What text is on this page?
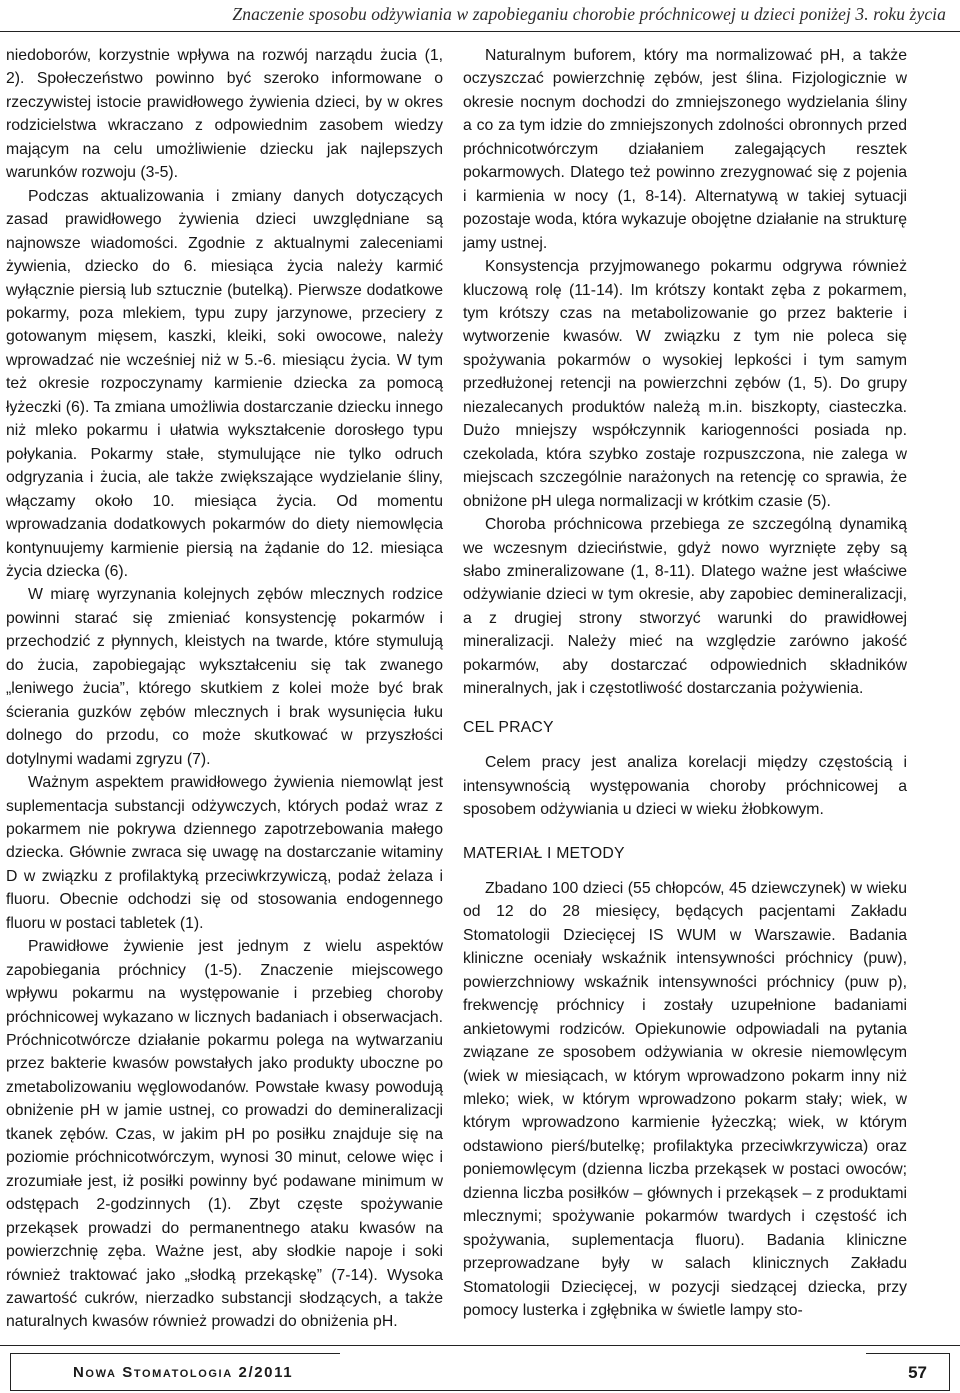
Znaczenie sposobu odżywiania w zapobieganiu chorobie próchnicowej u dzieci poniżej 3. roku życia

niedoborów, korzystnie wpływa na rozwój narządu żucia (1, 2). Społeczeństwo powinno być szeroko informowane o rzeczywistej istocie prawidłowego żywienia dzieci, by w okres rodzicielstwa wkraczano z odpowiednim zasobem wiedzy mającym na celu umożliwienie dziecku jak najlepszych warunków rozwoju (3-5).

Podczas aktualizowania i zmiany danych dotyczących zasad prawidłowego żywienia dzieci uwzględniane są najnowsze wiadomości. Zgodnie z aktualnymi zaleceniami żywienia, dziecko do 6. miesiąca życia należy karmić wyłącznie piersią lub sztucznie (butelką). Pierwsze dodatkowe pokarmy, poza mlekiem, typu zupy jarzynowe, przeciery z gotowanym mięsem, kaszki, kleiki, soki owocowe, należy wprowadzać nie wcześniej niż w 5.-6. miesiącu życia. W tym też okresie rozpoczynamy karmienie dziecka za pomocą łyżeczki (6). Ta zmiana umożliwia dostarczanie dziecku innego niż mleko pokarmu i ułatwia wykształcenie dorosłego typu połykania. Pokarmy stałe, stymulujące nie tylko odruch odgryzania i żucia, ale także zwiększające wydzielanie śliny, włączamy około 10. miesiąca życia. Od momentu wprowadzania dodatkowych pokarmów do diety niemowlęcia kontynuujemy karmienie piersią na żądanie do 12. miesiąca życia dziecka (6).

W miarę wyrzynania kolejnych zębów mlecznych rodzice powinni starać się zmieniać konsystencję pokarmów i przechodzić z płynnych, kleistych na twarde, które stymulują do żucia, zapobiegając wykształceniu się tak zwanego „leniwego żucia”, którego skutkiem z kolei może być brak ścierania guzków zębów mlecznych i brak wysunięcia łuku dolnego do przodu, co może skutkować w przyszłości dotylnymi wadami zgryzu (7).

Ważnym aspektem prawidłowego żywienia niemowląt jest suplementacja substancji odżywczych, których podaż wraz z pokarmem nie pokrywa dziennego zapotrzebowania małego dziecka. Głównie zwraca się uwagę na dostarczanie witaminy D w związku z profilaktyką przeciwkrzywiczą, podaż żelaza i fluoru. Obecnie odchodzi się od stosowania endogennego fluoru w postaci tabletek (1).

Prawidłowe żywienie jest jednym z wielu aspektów zapobiegania próchnicy (1-5). Znaczenie miejscowego wpływu pokarmu na występowanie i przebieg choroby próchnicowej wykazano w licznych badaniach i obserwacjach. Próchnicotwórcze działanie pokarmu polega na wytwarzaniu przez bakterie kwasów powstałych jako produkty uboczne po zmetabolizowaniu węglowodanów. Powstałe kwasy powodują obniżenie pH w jamie ustnej, co prowadzi do demineralizacji tkanek zębów. Czas, w jakim pH po posiłku znajduje się na poziomie próchnicotwórczym, wynosi 30 minut, celowe więc i zrozumiałe jest, iż posiłki powinny być podawane minimum w odstępach 2-godzinnych (1). Zbyt częste spożywanie przekąsek prowadzi do permanentnego ataku kwasów na powierzchnię zęba. Ważne jest, aby słodkie napoje i soki również traktować jako „słodką przekąskę” (7-14). Wysoka zawartość cukrów, nierzadko substancji słodzących, a także naturalnych kwasów również prowadzi do obniżenia pH.

Naturalnym buforem, który ma normalizować pH, a także oczyszczać powierzchnię zębów, jest ślina. Fizjologicznie w okresie nocnym dochodzi do zmniejszonego wydzielania śliny a co za tym idzie do zmniejszonych zdolności obronnych przed próchnicotwórczym działaniem zalegających resztek pokarmowych. Dlatego też powinno zrezygnować się z pojenia i karmienia w nocy (1, 8-14). Alternatywą w takiej sytuacji pozostaje woda, która wykazuje obojętne działanie na strukturę jamy ustnej.

Konsystencja przyjmowanego pokarmu odgrywa również kluczową rolę (11-14). Im krótszy kontakt zęba z pokarmem, tym krótszy czas na metabolizowanie go przez bakterie i wytworzenie kwasów. W związku z tym nie poleca się spożywania pokarmów o wysokiej lepkości i tym samym przedłużonej retencji na powierzchni zębów (1, 5). Do grupy niezalecanych produktów należą m.in. biszkopty, ciasteczka. Dużo mniejszy współczynnik kariogenności posiada np. czekolada, która szybko zostaje rozpuszczona, nie zalega w miejscach szczególnie narażonych na retencję co sprawia, że obniżone pH ulega normalizacji w krótkim czasie (5).

Choroba próchnicowa przebiega ze szczególną dynamiką we wczesnym dzieciństwie, gdyż nowo wyrznięte zęby są słabo zmineralizowane (1, 8-11). Dlatego ważne jest właściwe odżywianie dzieci w tym okresie, aby zapobiec demineralizacji, a z drugiej strony stworzyć warunki do prawidłowej mineralizacji. Należy mieć na względzie zarówno jakość pokarmów, aby dostarczać odpowiednich składników mineralnych, jak i częstotliwość dostarczania pożywienia.

CEL PRACY

Celem pracy jest analiza korelacji między częstością i intensywnością występowania choroby próchnicowej a sposobem odżywiania u dzieci w wieku żłobkowym.

MATERIAŁ I METODY

Zbadano 100 dzieci (55 chłopców, 45 dziewczynek) w wieku od 12 do 28 miesięcy, będących pacjentami Zakładu Stomatologii Dziecięcej IS WUM w Warszawie. Badania kliniczne oceniały wskaźnik intensywności próchnicy (puw), powierzchniowy wskaźnik intensywności próchnicy (puw p), frekwencję próchnicy i zostały uzupełnione badaniami ankietowymi rodziców. Opiekunowie odpowiadali na pytania związane ze sposobem odżywiania w okresie niemowlęcym (wiek w miesiącach, w którym wprowadzono pokarm inny niż mleko; wiek, w którym wprowadzono pokarm stały; wiek, w którym wprowadzono karmienie łyżeczką; wiek, w którym odstawiono pierś/butelkę; profilaktyka przeciwkrzywicza) oraz poniemowlęcym (dzienna liczba przekąsek w postaci owoców; dzienna liczba posiłków – głównych i przekąsek – z produktami mlecznymi; spożywanie pokarmów twardych i częstość ich spożywania, suplementacja fluoru). Badania kliniczne przeprowadzane były w salach klinicznych Zakładu Stomatologii Dziecięcej, w pozycji siedzącej dziecka, przy pomocy lusterka i zgłębnika w świetle lampy sto-

Nowa Stomatologia 2/2011	57
